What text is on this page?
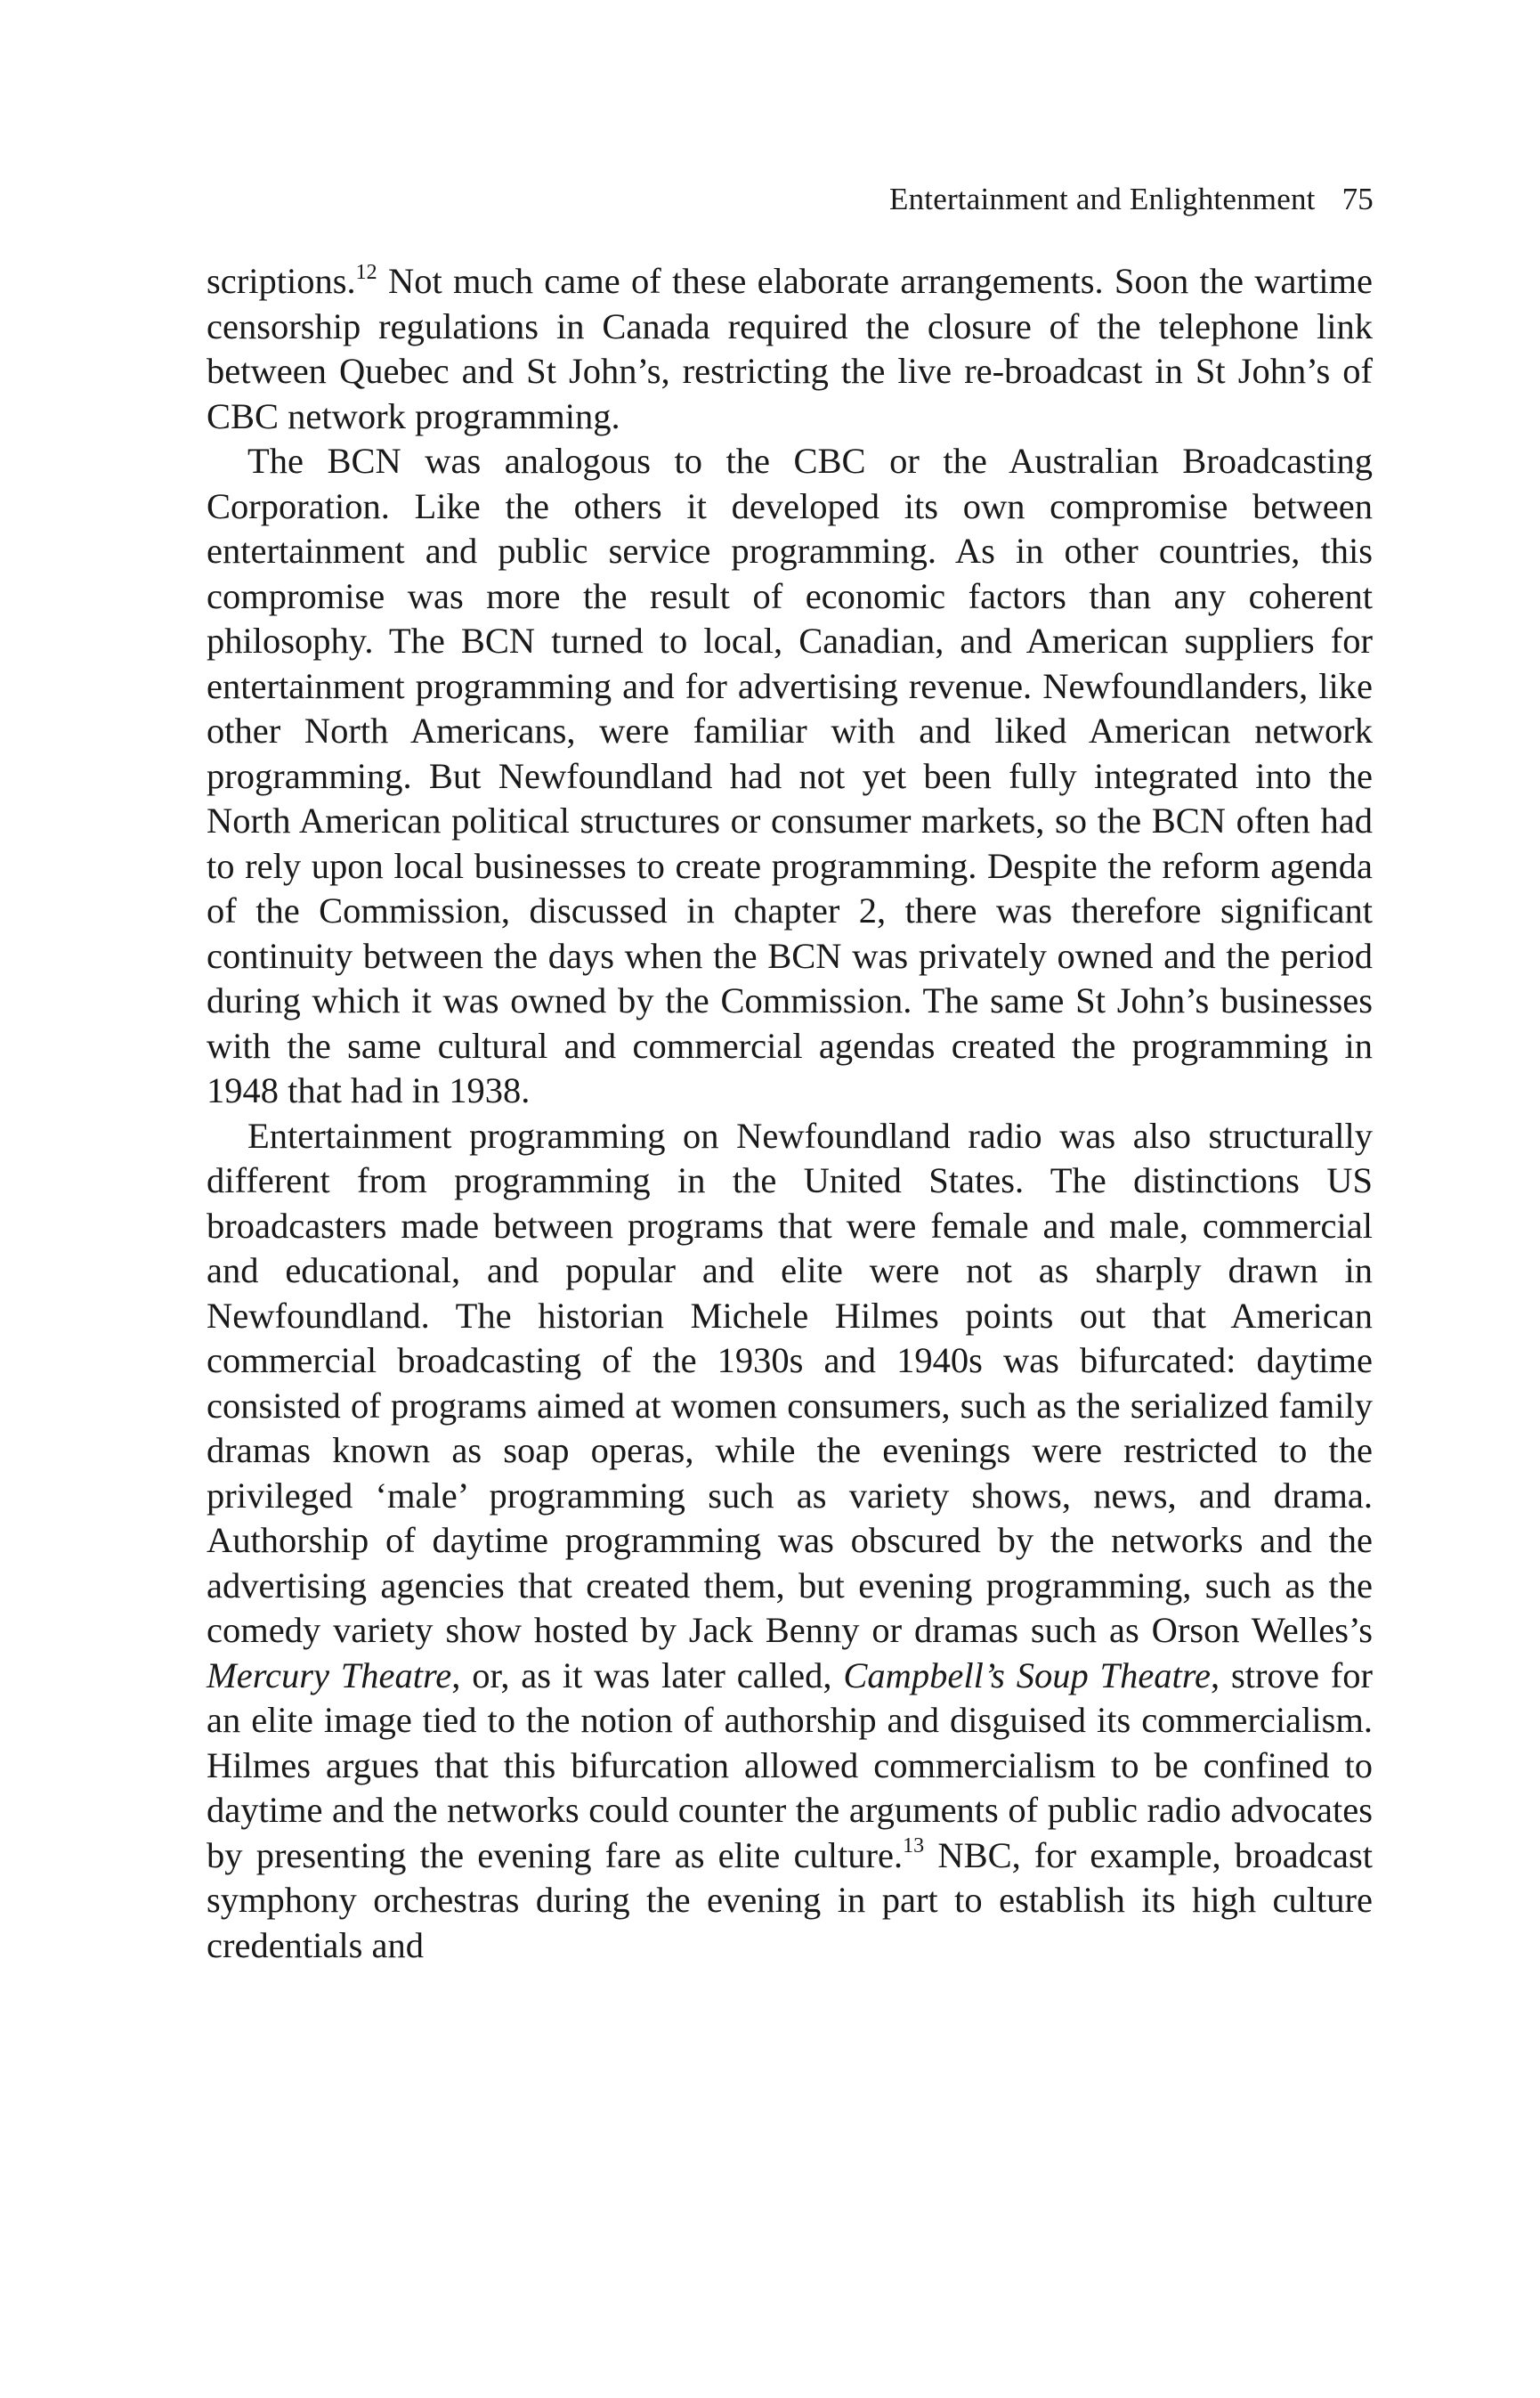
Entertainment and Enlightenment 75

scriptions.$^{12}$ Not much came of these elaborate arrangements. Soon the wartime censorship regulations in Canada required the closure of the telephone link between Quebec and St John’s, restricting the live re-broadcast in St John’s of CBC network programming.

The BCN was analogous to the CBC or the Australian Broadcasting Corporation. Like the others it developed its own compromise between entertainment and public service programming. As in other countries, this compromise was more the result of economic factors than any coherent philosophy. The BCN turned to local, Canadian, and American suppliers for entertainment programming and for advertising revenue. Newfoundlanders, like other North Americans, were familiar with and liked American network programming. But Newfoundland had not yet been fully integrated into the North American political structures or consumer markets, so the BCN often had to rely upon local businesses to create programming. Despite the reform agenda of the Commission, discussed in chapter 2, there was therefore significant continuity between the days when the BCN was privately owned and the period during which it was owned by the Commission. The same St John’s businesses with the same cultural and commercial agendas created the programming in 1948 that had in 1938.

Entertainment programming on Newfoundland radio was also structurally different from programming in the United States. The distinctions US broadcasters made between programs that were female and male, commercial and educational, and popular and elite were not as sharply drawn in Newfoundland. The historian Michele Hilmes points out that American commercial broadcasting of the 1930s and 1940s was bifurcated: daytime consisted of programs aimed at women consumers, such as the serialized family dramas known as soap operas, while the evenings were restricted to the privileged ‘male’ programming such as variety shows, news, and drama. Authorship of daytime programming was obscured by the networks and the advertising agencies that created them, but evening programming, such as the comedy variety show hosted by Jack Benny or dramas such as Orson Welles’s Mercury Theatre, or, as it was later called, Campbell’s Soup Theatre, strove for an elite image tied to the notion of authorship and disguised its commercialism. Hilmes argues that this bifurcation allowed commercialism to be confined to daytime and the networks could counter the arguments of public radio advocates by presenting the evening fare as elite culture.$^{13}$ NBC, for example, broadcast symphony orchestras during the evening in part to establish its high culture credentials and
